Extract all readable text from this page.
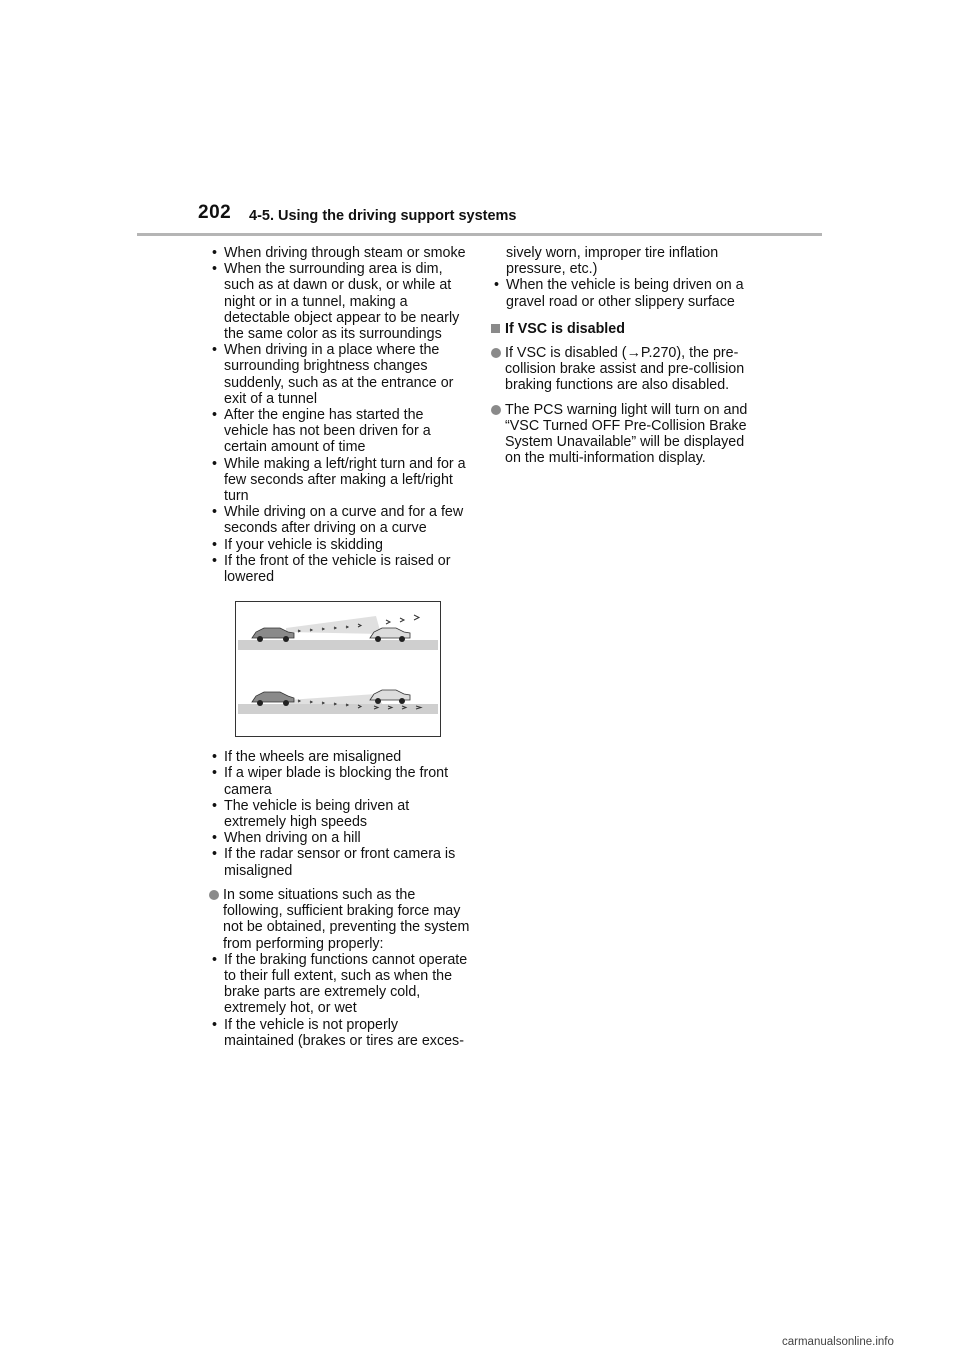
202 4-5. Using the driving support systems
• When driving through steam or smoke
• When the surrounding area is dim, such as at dawn or dusk, or while at night or in a tunnel, making a detectable object appear to be nearly the same color as its surroundings
• When driving in a place where the surrounding brightness changes suddenly, such as at the entrance or exit of a tunnel
• After the engine has started the vehicle has not been driven for a certain amount of time
• While making a left/right turn and for a few seconds after making a left/right turn
• While driving on a curve and for a few seconds after driving on a curve
• If your vehicle is skidding
• If the front of the vehicle is raised or lowered
• If the wheels are misaligned
• If a wiper blade is blocking the front camera
• The vehicle is being driven at extremely high speeds
• When driving on a hill
• If the radar sensor or front camera is misaligned
In some situations such as the following, sufficient braking force may not be obtained, preventing the system from performing properly:
• If the braking functions cannot operate to their full extent, such as when the brake parts are extremely cold, extremely hot, or wet
• If the vehicle is not properly maintained (brakes or tires are exces-
sively worn, improper tire inflation pressure, etc.)
• When the vehicle is being driven on a gravel road or other slippery surface
If VSC is disabled
If VSC is disabled (→P.270), the pre-collision brake assist and pre-collision braking functions are also disabled.
The PCS warning light will turn on and “VSC Turned OFF Pre-Collision Brake System Unavailable” will be displayed on the multi-information display.
carmanualsonline.info
